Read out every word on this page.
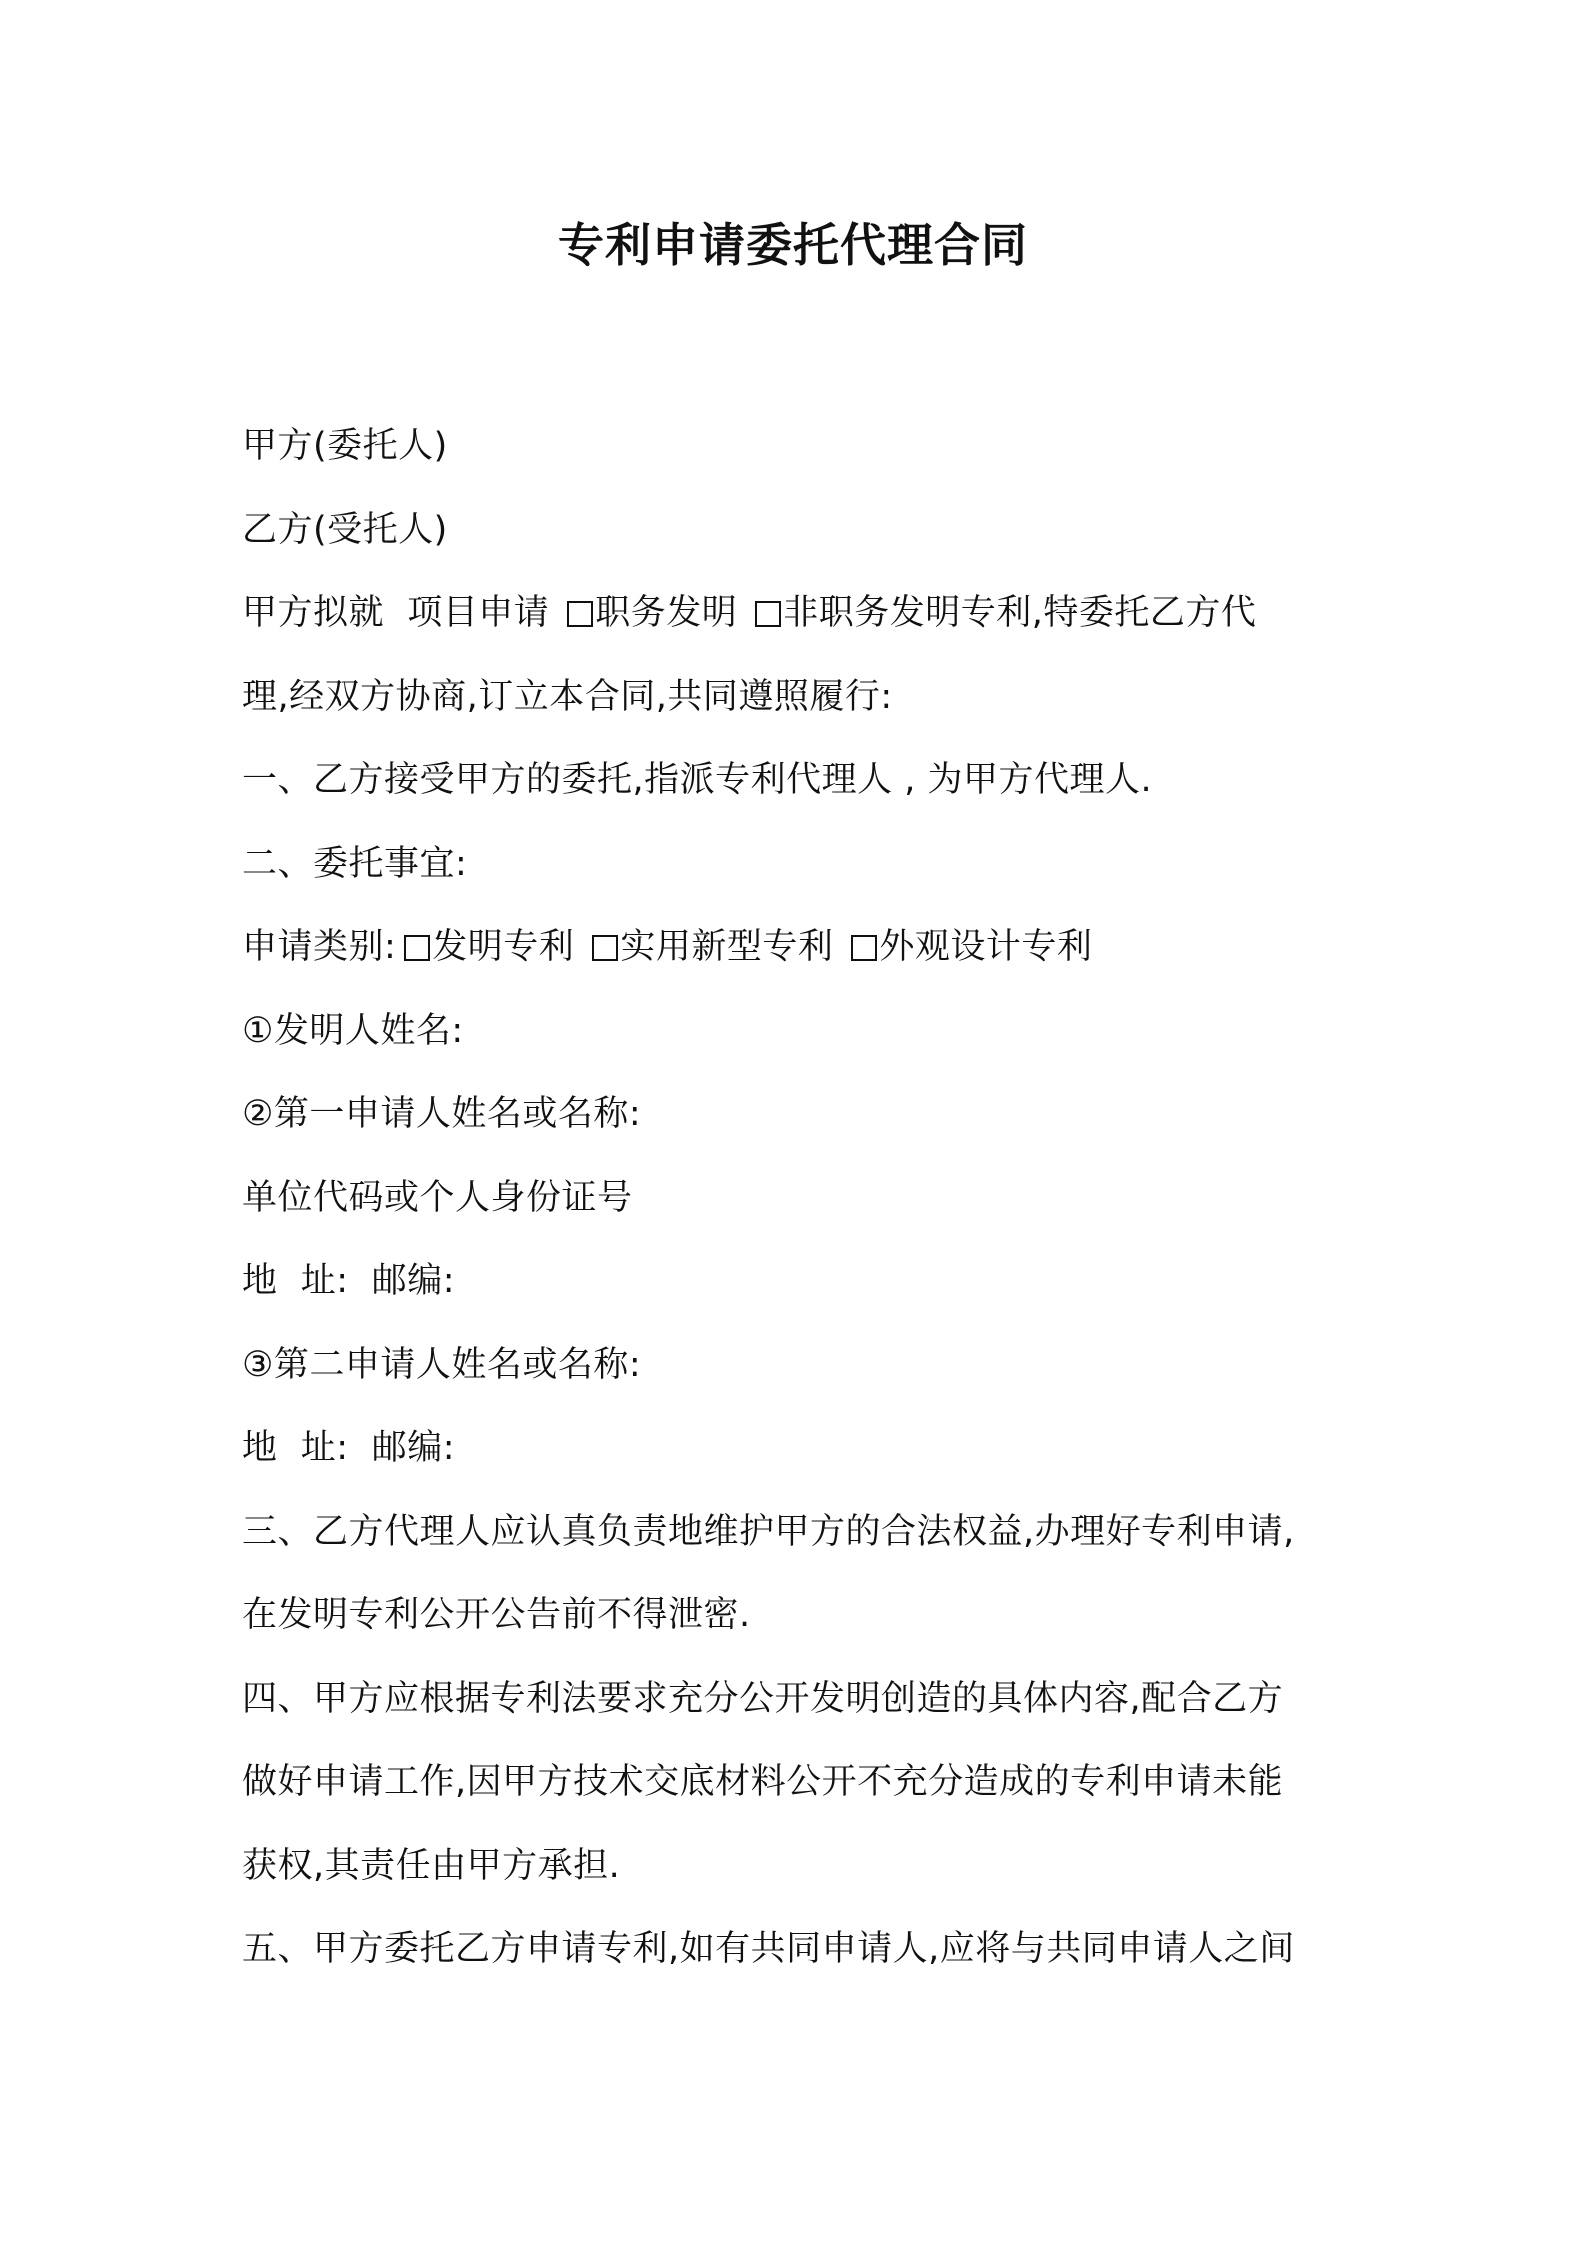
专利申请委托代理合同

甲方(委托人)

乙方(受托人)

甲方拟就  项目申请 职务发明 非职务发明专利,特委托乙方代

理,经双方协商,订立本合同,共同遵照履行:

一、乙方接受甲方的委托,指派专利代理人 , 为甲方代理人.

二、委托事宜:

申请类别: 发明专利 实用新型专利 外观设计专利

①发明人姓名:

②第一申请人姓名或名称:

单位代码或个人身份证号

地  址:  邮编:

③第二申请人姓名或名称:

地  址:  邮编:

三、乙方代理人应认真负责地维护甲方的合法权益,办理好专利申请,

在发明专利公开公告前不得泄密.

四、甲方应根据专利法要求充分公开发明创造的具体内容,配合乙方

做好申请工作,因甲方技术交底材料公开不充分造成的专利申请未能

获权,其责任由甲方承担.

五、甲方委托乙方申请专利,如有共同申请人,应将与共同申请人之间
